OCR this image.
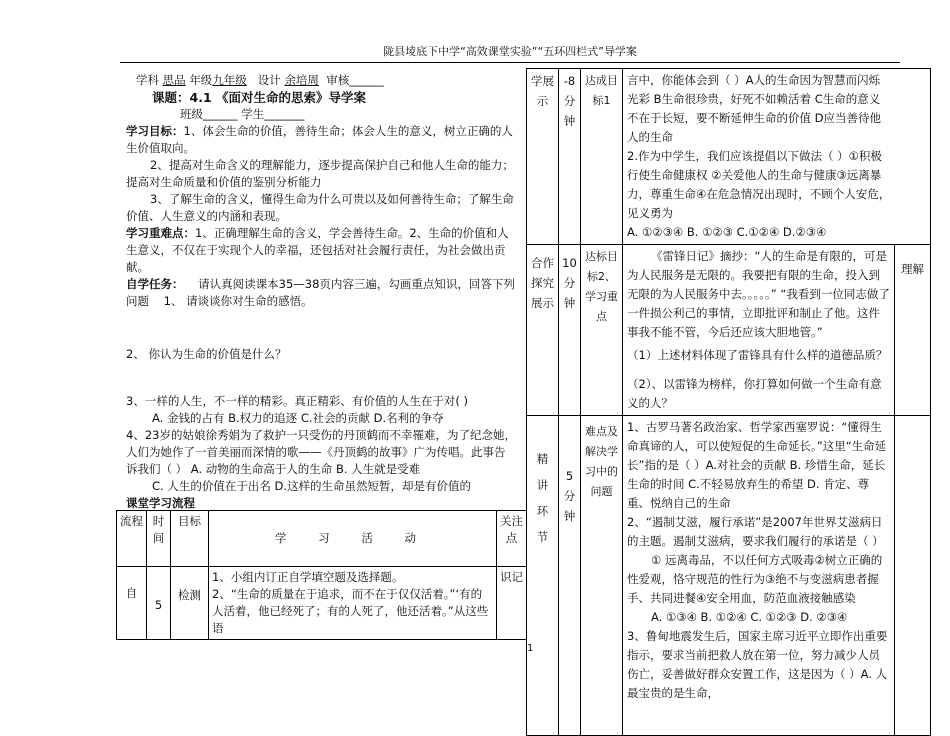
陇县堎底下中学“高效课堂实验”“五环四栏式”导学案

学科 思品 年级九年级 设计 余培周 审核______

课题：4.1 《面对生命的思索》导学案

班级______ 学生_______

学习目标：1、体会生命的价值，善待生命；体会人生的意义，树立正确的人生价值取向。

2、提高对生命含义的理解能力，逐步提高保护自己和他人生命的能力；提高对生命质量和价值的鉴别分析能力

3、了解生命的含义，懂得生命为什么可贵以及如何善待生命；了解生命价值、人生意义的内涵和表现。

学习重难点：1、正确理解生命的含义，学会善待生命。2、生命的价值和人生意义，不仅在于实现个人的幸福，还包括对社会履行责任，为社会做出贡献。

自学任务： 请认真阅读课本35—38页内容三遍，勾画重点知识，回答下列问题 1、 请谈谈你对生命的感悟。

2、 你认为生命的价值是什么？

3、一样的人生，不一样的精彩。真正精彩、有价值的人生在于对( )

A. 金钱的占有 B.权力的追逐 C.社会的贡献 D.名利的争夺

4、23岁的姑娘徐秀娟为了救护一只受伤的丹顶鹤而不幸罹难，为了纪念她，人们为她作了一首美丽而深情的歌——《丹顶鹤的故事》广为传唱。此事告诉我们（ ） A. 动物的生命高于人的生命 B. 人生就是受难

C. 人生的价值在于出名 D.这样的生命虽然短暂，却是有价值的

课堂学习流程

流程	时间	目标	学 习 活 动	关注点
自	5	检测	1、小组内订正自学填空题及选择题。
2、“生命的质量在于追求，而不在于仅仅活着。”‘有的人活着，他已经死了；有的人死了，他还活着。”从这些语	识记
学展示	-8分钟	达成目标1	言中，你能体会到（ ）A人的生命因为智慧而闪烁光彩 B生命很珍贵，好死不如赖活着 C生命的意义不在于长短，要不断延伸生命的价值 D应当善待他人的生命

2.作为中学生，我们应该提倡以下做法（ ）①积极行使生命健康权 ②关爱他人的生命与健康③远离暴力，尊重生命④在危急情况出现时，不顾个人安危，见义勇为

A. ①②③④ B. ①②③ C.①②④ D.②③④	

合作探究展示	10分钟	达标目标2、学习重点	《雷锋日记》摘抄：“人的生命是有限的，可是为人民服务是无限的。我要把有限的生命，投入到无限的为人民服务中去。。。。。” “我看到一位同志做了一件损公利己的事情，立即批评和制止了他。这件事我不能不管，今后还应该大胆地管。”

（1）上述材料体现了雷锋具有什么样的道德品质？

（2）、以雷锋为榜样，你打算如何做一个生命有意义的人？	理解
精讲环节	5分钟	难点及解决学习中的问题	1、古罗马著名政治家、哲学家西塞罗说：“懂得生命真谛的人，可以使短促的生命延长。”这里“生命延长”指的是（ ）A.对社会的贡献 B. 珍惜生命，延长生命的时间 C.不轻易放弃生的希望 D. 肯定、尊重、悦纳自己的生命

2、“遏制艾滋，履行承诺”是2007年世界艾滋病日的主题。遏制艾滋病，要求我们履行的承诺是（ ）

① 远离毒品，不以任何方式吸毒②树立正确的性爱观，恪守规范的性行为③绝不与变滋病患者握手、共同进餐④安全用血，防范血液接触感染

A. ①③④ B. ①②④ C. ①②③ D. ②③④

3、鲁甸地震发生后，国家主席习近平立即作出重要指示，要求当前把救人放在第一位，努力减少人员伤亡，妥善做好群众安置工作，这是因为（ ）A. 人最宝贵的是生命，	

1
